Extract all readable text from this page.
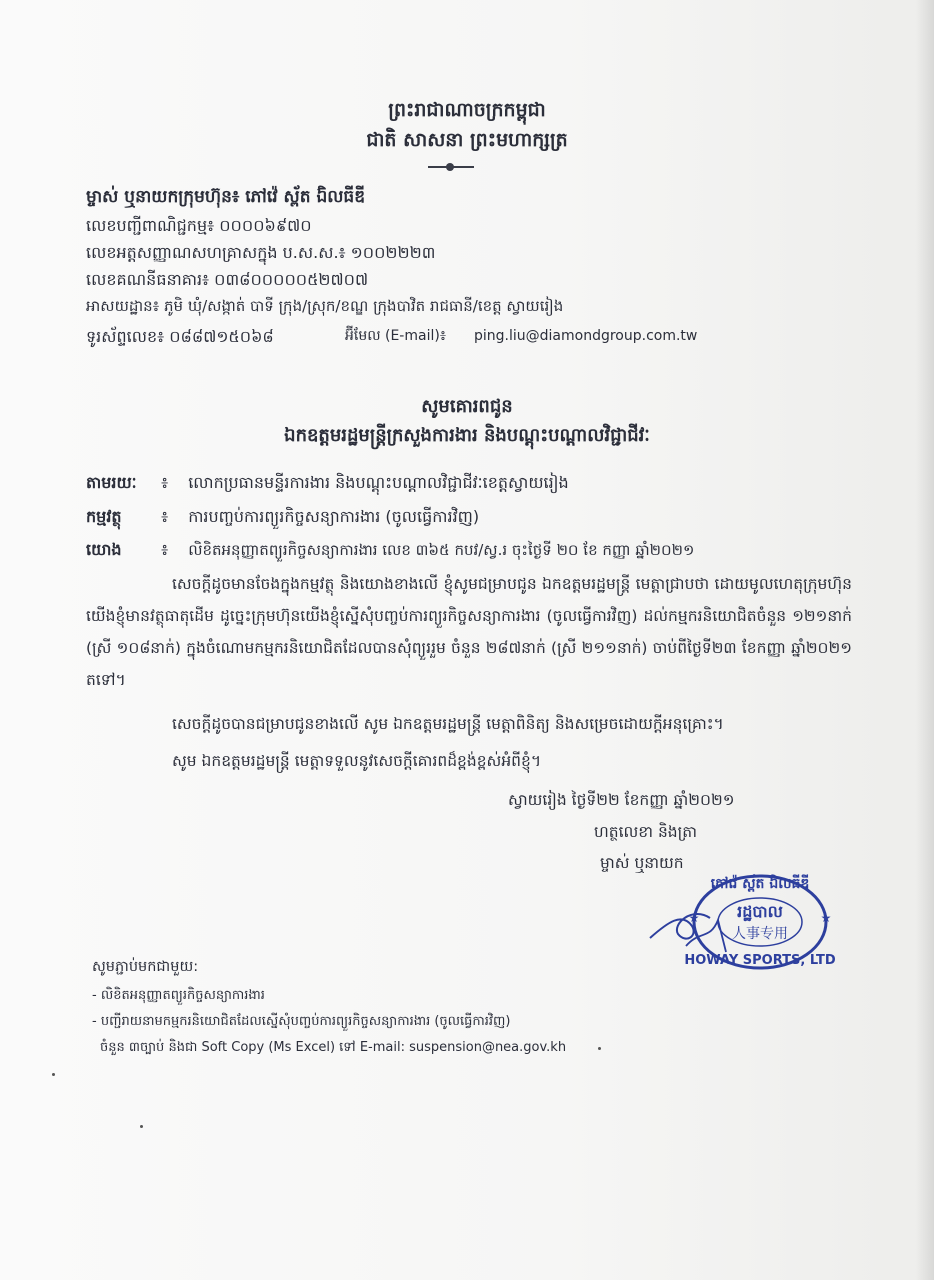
ព្រះរាជាណាចក្រកម្ពុជា
ជាតិ សាសនា ព្រះមហាក្សត្រ
ម្ចាស់ ឬនាយកក្រុមហ៊ុន៖ ភៅវ៉េ ស្ព័ត ឯិលធីឌី
លេខបញ្ជីពាណិជ្ជកម្ម៖ ០០០០៦៩៧០
លេខអត្តសញ្ញាណសហគ្រាសក្នុង ប.ស.ស.៖ ១០០២២២៣
លេខគណនីធនាគារ៖ ០៣៨០០០០០៥២៧០៧
អាសយដ្ឋាន៖ ភូមិ ឃុំ/សង្កាត់ បាទី ក្រុង/ស្រុក/ខណ្ឌ ក្រុងបាវិត រាជធានី/ខេត្ត ស្វាយរៀង
ទូរស័ព្ទលេខ៖ ០៨៨៧១៥០៦៨	អ៊ីមែល (E-mail)៖ ping.liu@diamondgroup.com.tw
សូមគោរពជូន
ឯកឧត្តមរដ្ឋមន្ត្រីក្រសួងការងារ និងបណ្តុះបណ្តាលវិជ្ជាជីវៈ
តាមរយៈ ៖ លោកប្រធានមន្ទីរការងារ និងបណ្តុះបណ្តាលវិជ្ជាជីវៈខេត្តស្វាយរៀង
កម្មវត្ថុ ៖ ការបញ្ចប់ការព្យួរកិច្ចសន្យាការងារ (ចូលធ្វើការវិញ)
យោង ៖ លិខិតអនុញ្ញាតព្យួរកិច្ចសន្យាការងារ លេខ ៣៦៥ កបវ/ស្វ.រ ចុះថ្ងៃទី ២០ ខែ កញ្ញា ឆ្នាំ២០២១
សេចក្តីដូចមានចែងក្នុងកម្មវត្ថុ និងយោងខាងលើ ខ្ញុំសូមជម្រាបជូន ឯកឧត្តមរដ្ឋមន្ត្រី មេត្តាជ្រាបថា ដោយមូលហេតុក្រុមហ៊ុនយើងខ្ញុំមានវត្ថុធាតុដើម ដូច្នេះក្រុមហ៊ុនយើងខ្ញុំស្នើសុំបញ្ចប់ការព្យួរកិច្ចសន្យាការងារ (ចូលធ្វើការវិញ) ដល់កម្មករនិយោជិតចំនួន ១២១នាក់ (ស្រី ១០៨នាក់) ក្នុងចំណោមកម្មករនិយោជិតដែលបានសុំព្យួររួម ចំនួន ២៨៧នាក់ (ស្រី ២១១នាក់) ចាប់ពីថ្ងៃទី២៣ ខែកញ្ញា ឆ្នាំ២០២១ តទៅ។
សេចក្តីដូចបានជម្រាបជូនខាងលើ សូម ឯកឧត្តមរដ្ឋមន្ត្រី មេត្តាពិនិត្យ និងសម្រេចដោយក្តីអនុគ្រោះ។
សូម ឯកឧត្តមរដ្ឋមន្ត្រី មេត្តាទទួលនូវសេចក្តីគោរពដ៏ខ្ពង់ខ្ពស់អំពីខ្ញុំ។
ស្វាយរៀង ថ្ងៃទី២២ ខែកញ្ញា ឆ្នាំ២០២១
ហត្ថលេខា និងត្រា
ម្ចាស់ ឬនាយក
ភៅវ៉េ ស្ព័ត ឯិលធីឌី
រដ្ឋបាល
人事专用
HOWAY SPORTS, LTD
★
★
សូមភ្ជាប់មកជាមួយ:
- លិខិតអនុញ្ញាតព្យួរកិច្ចសន្យាការងារ
- បញ្ជីរាយនាមកម្មករនិយោជិតដែលស្នើសុំបញ្ចប់ការព្យួរកិច្ចសន្យាការងារ (ចូលធ្វើការវិញ)
ចំនួន ៣ច្បាប់ និងជា Soft Copy (Ms Excel) ទៅ E-mail: suspension@nea.gov.kh
